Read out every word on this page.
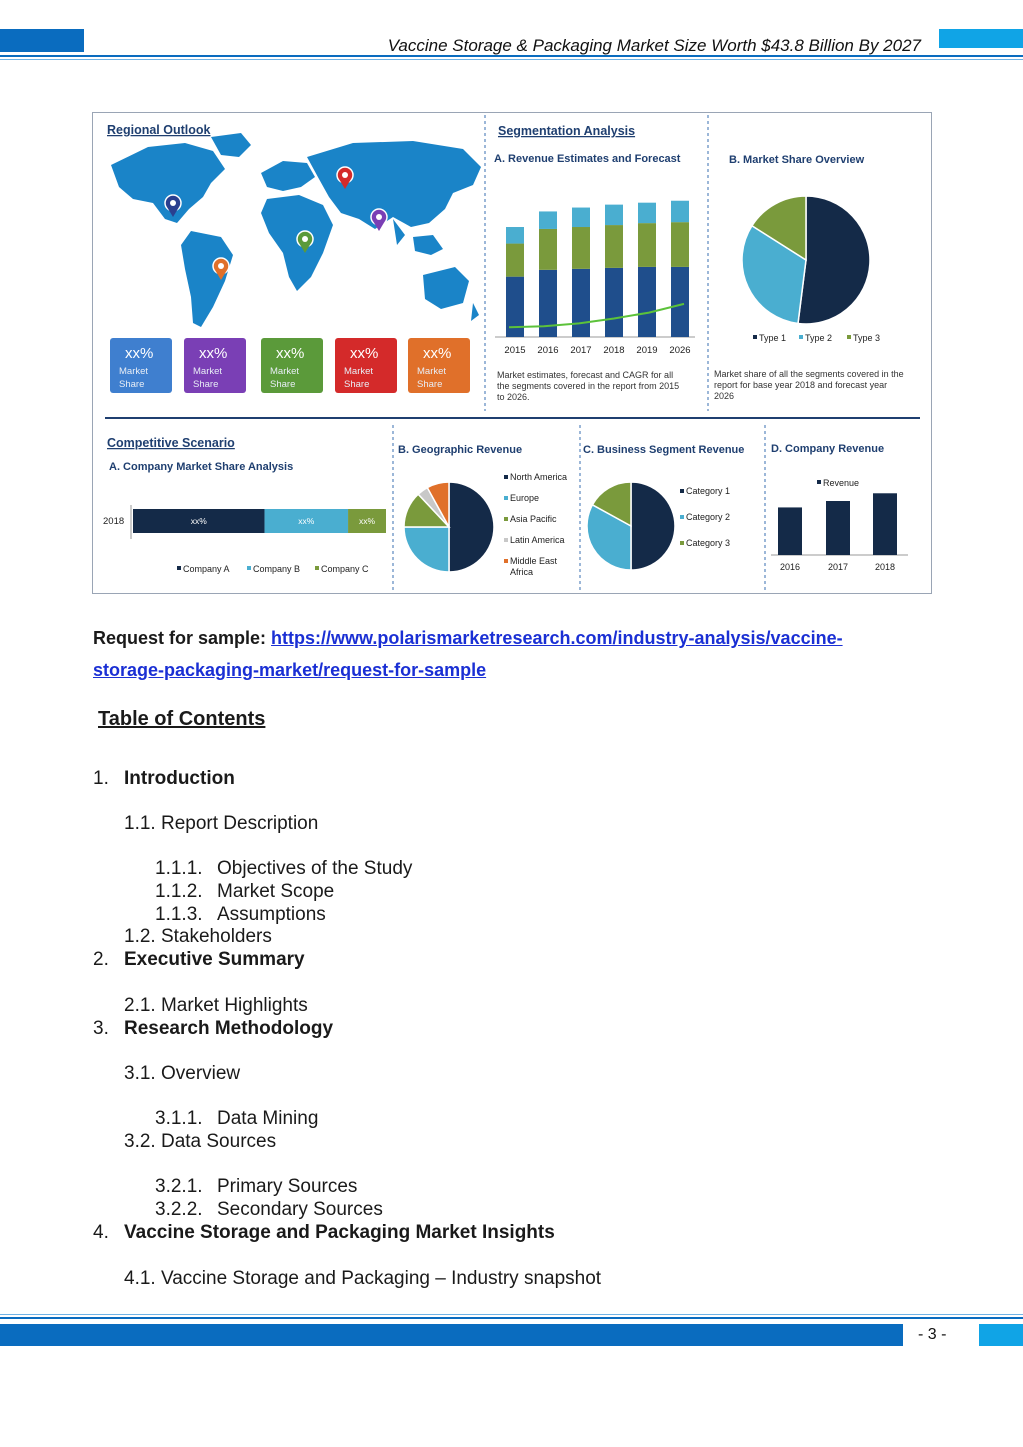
Vaccine Storage & Packaging Market Size Worth $43.8 Billion By 2027
Regional Outlook	Segmentation Analysis
A. Revenue Estimates and Forecast	B. Market Share Overview
Competitive Scenario
A. Company Market Share Analysis
B. Geographic Revenue	C. Business Segment Revenue D. Company Revenue
xx%
Market
Share
xx%
Market
Share
xx%
Market
Share
xx%
Market
Share
xx%
Market
Share
2015 2016 2017 2018 2019 2026
Market estimates, forecast and CAGR for all
the segments covered in the report from 2015
to 2026.
Type 1 Type 2 Type 3
Market share of all the segments covered in the
report for base year 2018 and forecast year
2026
2018	xx%	xx%	xx%
Company A	Company B Company C
North America
Europe
Asia Pacific
Latin America
Middle East
Africa
Category 1
Category 2
Category 3
2016	2017	2018
Revenue
Request for sample: https://www.polarismarketresearch.com/industry-analysis/vaccine-
storage-packaging-market/request-for-sample
Table of Contents
1. Introduction
1.1. Report Description
1.1.1. Objectives of the Study
1.1.2. Market Scope
1.1.3. Assumptions
1.2. Stakeholders
2. Executive Summary
2.1. Market Highlights
3. Research Methodology
3.1. Overview
3.1.1. Data Mining
3.2. Data Sources
3.2.1. Primary Sources
3.2.2. Secondary Sources
4. Vaccine Storage and Packaging Market Insights
4.1. Vaccine Storage and Packaging – Industry snapshot
- 3 -
